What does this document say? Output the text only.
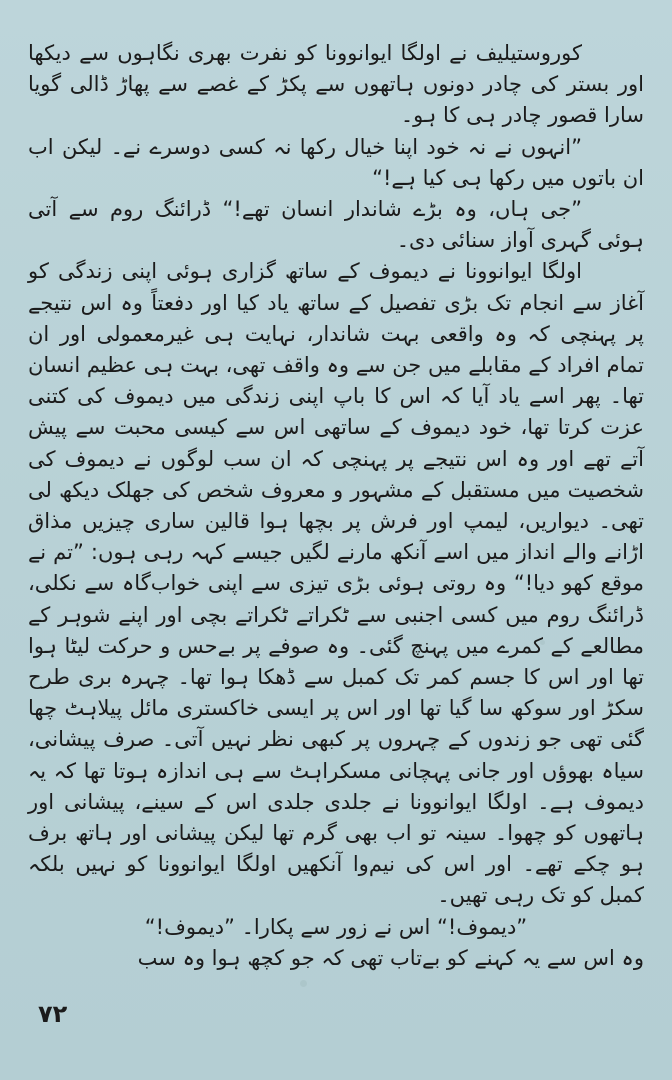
کوروستیلیف نے اولگا ایوانوونا کو نفرت بھری نگاہوں سے دیکھا اور بستر کی چادر دونوں ہاتھوں سے پکڑ کے غصے سے پھاڑ ڈالی گویا سارا قصور چادر ہی کا ہو۔

”انہوں نے نہ خود اپنا خیال رکھا نہ کسی دوسرے نے۔ لیکن اب ان باتوں میں رکھا ہی کیا ہے!“

”جی ہاں، وہ بڑے شاندار انسان تھے!“ ڈرائنگ روم سے آتی ہوئی گہری آواز سنائی دی۔

اولگا ایوانوونا نے دیموف کے ساتھ گزاری ہوئی اپنی زندگی کو آغاز سے انجام تک بڑی تفصیل کے ساتھ یاد کیا اور دفعتاً وہ اس نتیجے پر پہنچی کہ وہ واقعی بہت شاندار، نہایت ہی غیرمعمولی اور ان تمام افراد کے مقابلے میں جن سے وہ واقف تھی، بہت ہی عظیم انسان تھا۔ پھر اسے یاد آیا کہ اس کا باپ اپنی زندگی میں دیموف کی کتنی عزت کرتا تھا، خود دیموف کے ساتھی اس سے کیسی محبت سے پیش آتے تھے اور وہ اس نتیجے پر پہنچی کہ ان سب لوگوں نے دیموف کی شخصیت میں مستقبل کے مشہور و معروف شخص کی جھلک دیکھ لی تھی۔ دیواریں، لیمپ اور فرش پر بچھا ہوا قالین ساری چیزیں مذاق اڑانے والے انداز میں اسے آنکھ مارنے لگیں جیسے کہہ رہی ہوں: ”تم نے موقع کھو دیا!“ وہ روتی ہوئی بڑی تیزی سے اپنی خواب‌گاہ سے نکلی، ڈرائنگ روم میں کسی اجنبی سے ٹکراتے ٹکراتے بچی اور اپنے شوہر کے مطالعے کے کمرے میں پہنچ گئی۔ وہ صوفے پر بےحس و حرکت لیٹا ہوا تھا اور اس کا جسم کمر تک کمبل سے ڈھکا ہوا تھا۔ چہرہ بری طرح سکڑ اور سوکھ سا گیا تھا اور اس پر ایسی خاکستری مائل پیلاہٹ چھا گئی تھی جو زندوں کے چہروں پر کبھی نظر نہیں آتی۔ صرف پیشانی، سیاہ بھوؤں اور جانی پہچانی مسکراہٹ سے ہی اندازہ ہوتا تھا کہ یہ دیموف ہے۔ اولگا ایوانوونا نے جلدی جلدی اس کے سینے، پیشانی اور ہاتھوں کو چھوا۔ سینہ تو اب بھی گرم تھا لیکن پیشانی اور ہاتھ برف ہو چکے تھے۔ اور اس کی نیم‌وا آنکھیں اولگا ایوانوونا کو نہیں بلکہ کمبل کو تک رہی تھیں۔

”دیموف!“ اس نے زور سے پکارا۔ ”دیموف!“

وہ اس سے یہ کہنے کو بےتاب تھی کہ جو کچھ ہوا وہ سب

۷۲
